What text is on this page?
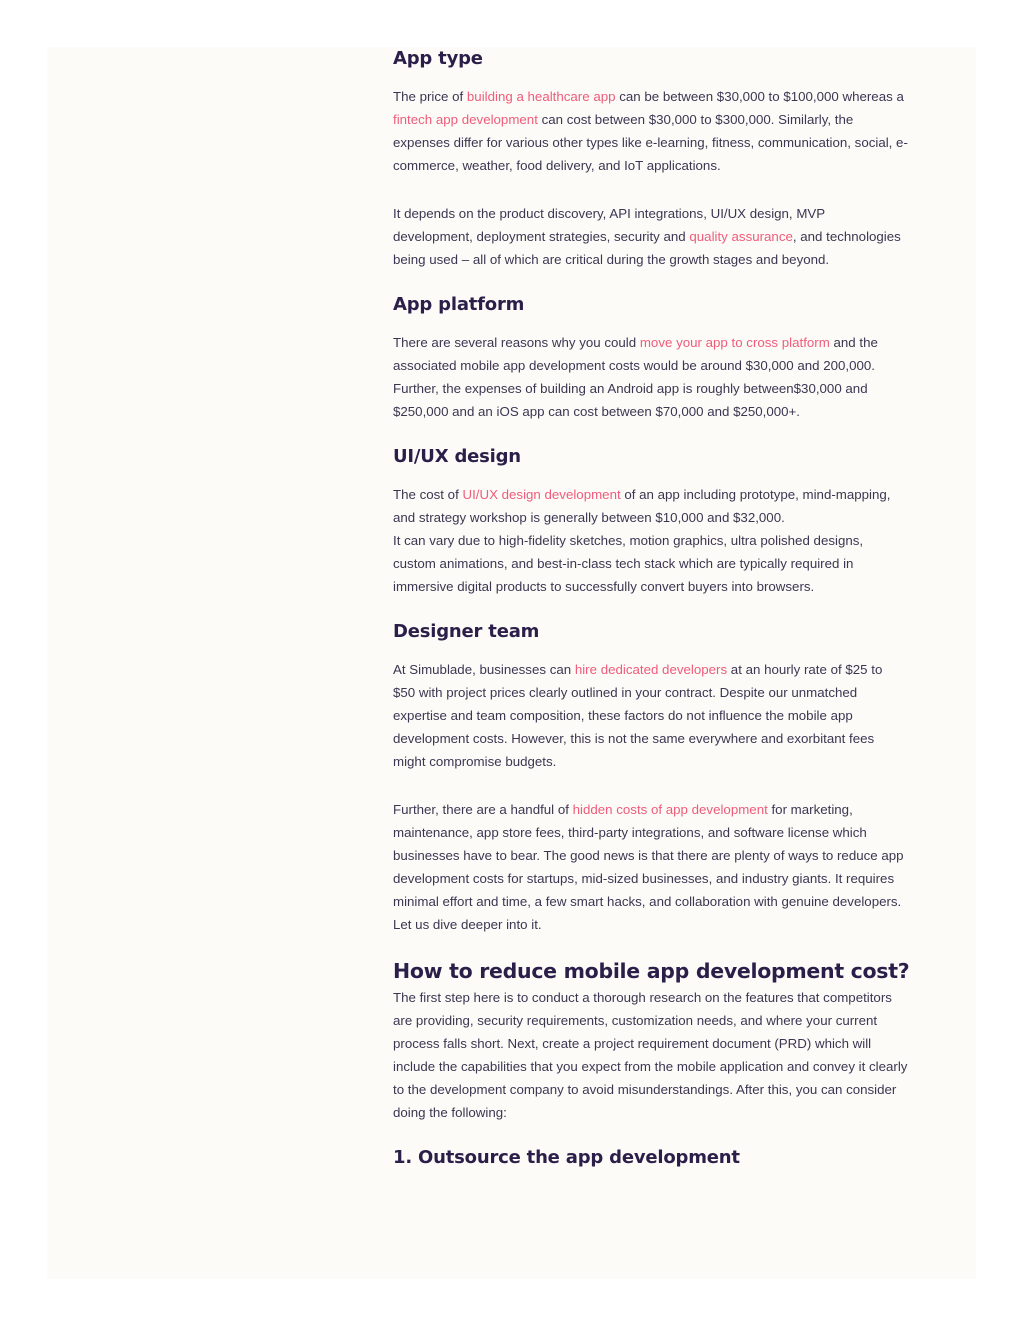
App type

The price of building a healthcare app can be between $30,000 to $100,000 whereas a fintech app development can cost between $30,000 to $300,000. Similarly, the expenses differ for various other types like e-learning, fitness, communication, social, e-commerce, weather, food delivery, and IoT applications.

It depends on the product discovery, API integrations, UI/UX design, MVP development, deployment strategies, security and quality assurance, and technologies being used – all of which are critical during the growth stages and beyond.

App platform

There are several reasons why you could move your app to cross platform and the associated mobile app development costs would be around $30,000 and 200,000. Further, the expenses of building an Android app is roughly between$30,000 and $250,000 and an iOS app can cost between $70,000 and $250,000+.

UI/UX design

The cost of UI/UX design development of an app including prototype, mind-mapping, and strategy workshop is generally between $10,000 and $32,000.
It can vary due to high-fidelity sketches, motion graphics, ultra polished designs, custom animations, and best-in-class tech stack which are typically required in immersive digital products to successfully convert buyers into browsers.

Designer team

At Simublade, businesses can hire dedicated developers at an hourly rate of $25 to $50 with project prices clearly outlined in your contract. Despite our unmatched expertise and team composition, these factors do not influence the mobile app development costs. However, this is not the same everywhere and exorbitant fees might compromise budgets.

Further, there are a handful of hidden costs of app development for marketing, maintenance, app store fees, third-party integrations, and software license which businesses have to bear. The good news is that there are plenty of ways to reduce app development costs for startups, mid-sized businesses, and industry giants. It requires minimal effort and time, a few smart hacks, and collaboration with genuine developers. Let us dive deeper into it.

How to reduce mobile app development cost?

The first step here is to conduct a thorough research on the features that competitors are providing, security requirements, customization needs, and where your current process falls short. Next, create a project requirement document (PRD) which will include the capabilities that you expect from the mobile application and convey it clearly to the development company to avoid misunderstandings. After this, you can consider doing the following:

1. Outsource the app development
